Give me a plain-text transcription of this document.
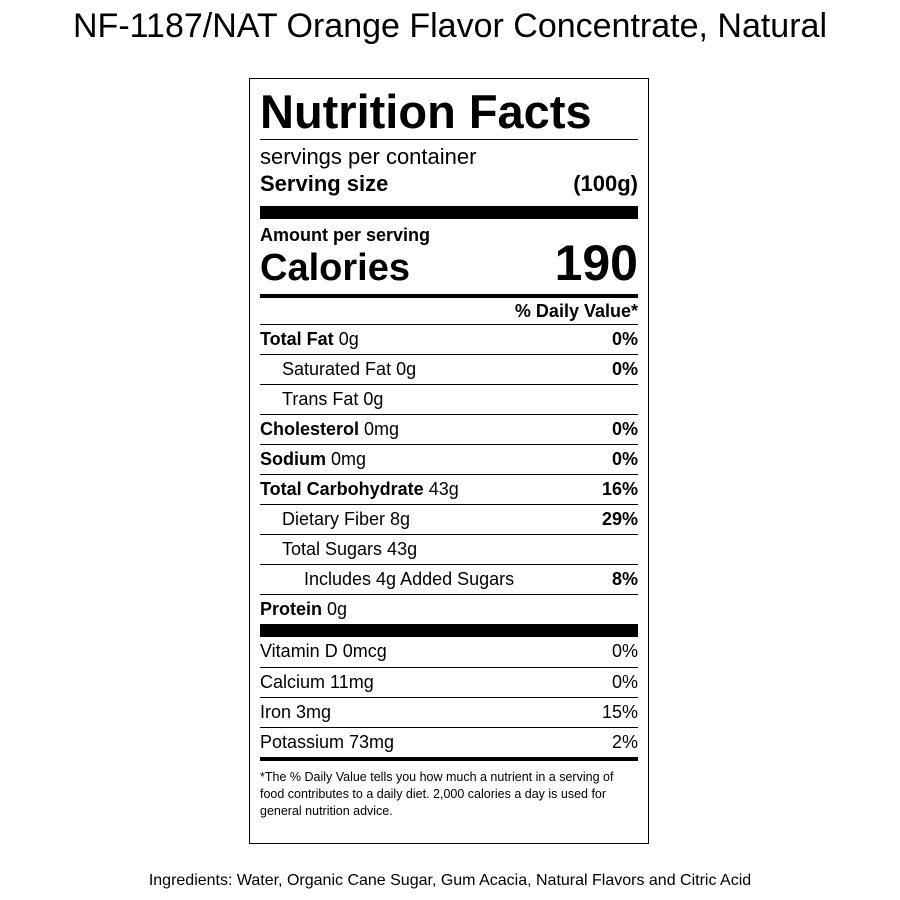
NF-1187/NAT Orange Flavor Concentrate, Natural
Nutrition Facts
servings per container
Serving size	(100g)
Amount per serving
Calories	190
% Daily Value*
Total Fat 0g	0%
Saturated Fat 0g	0%
Trans Fat 0g
Cholesterol 0mg	0%
Sodium 0mg	0%
Total Carbohydrate 43g	16%
Dietary Fiber 8g	29%
Total Sugars 43g
Includes 4g Added Sugars	8%
Protein 0g
Vitamin D 0mcg	0%
Calcium 11mg	0%
Iron 3mg	15%
Potassium 73mg	2%
*The % Daily Value tells you how much a nutrient in a serving of food contributes to a daily diet. 2,000 calories a day is used for general nutrition advice.
Ingredients: Water, Organic Cane Sugar, Gum Acacia, Natural Flavors and Citric Acid
